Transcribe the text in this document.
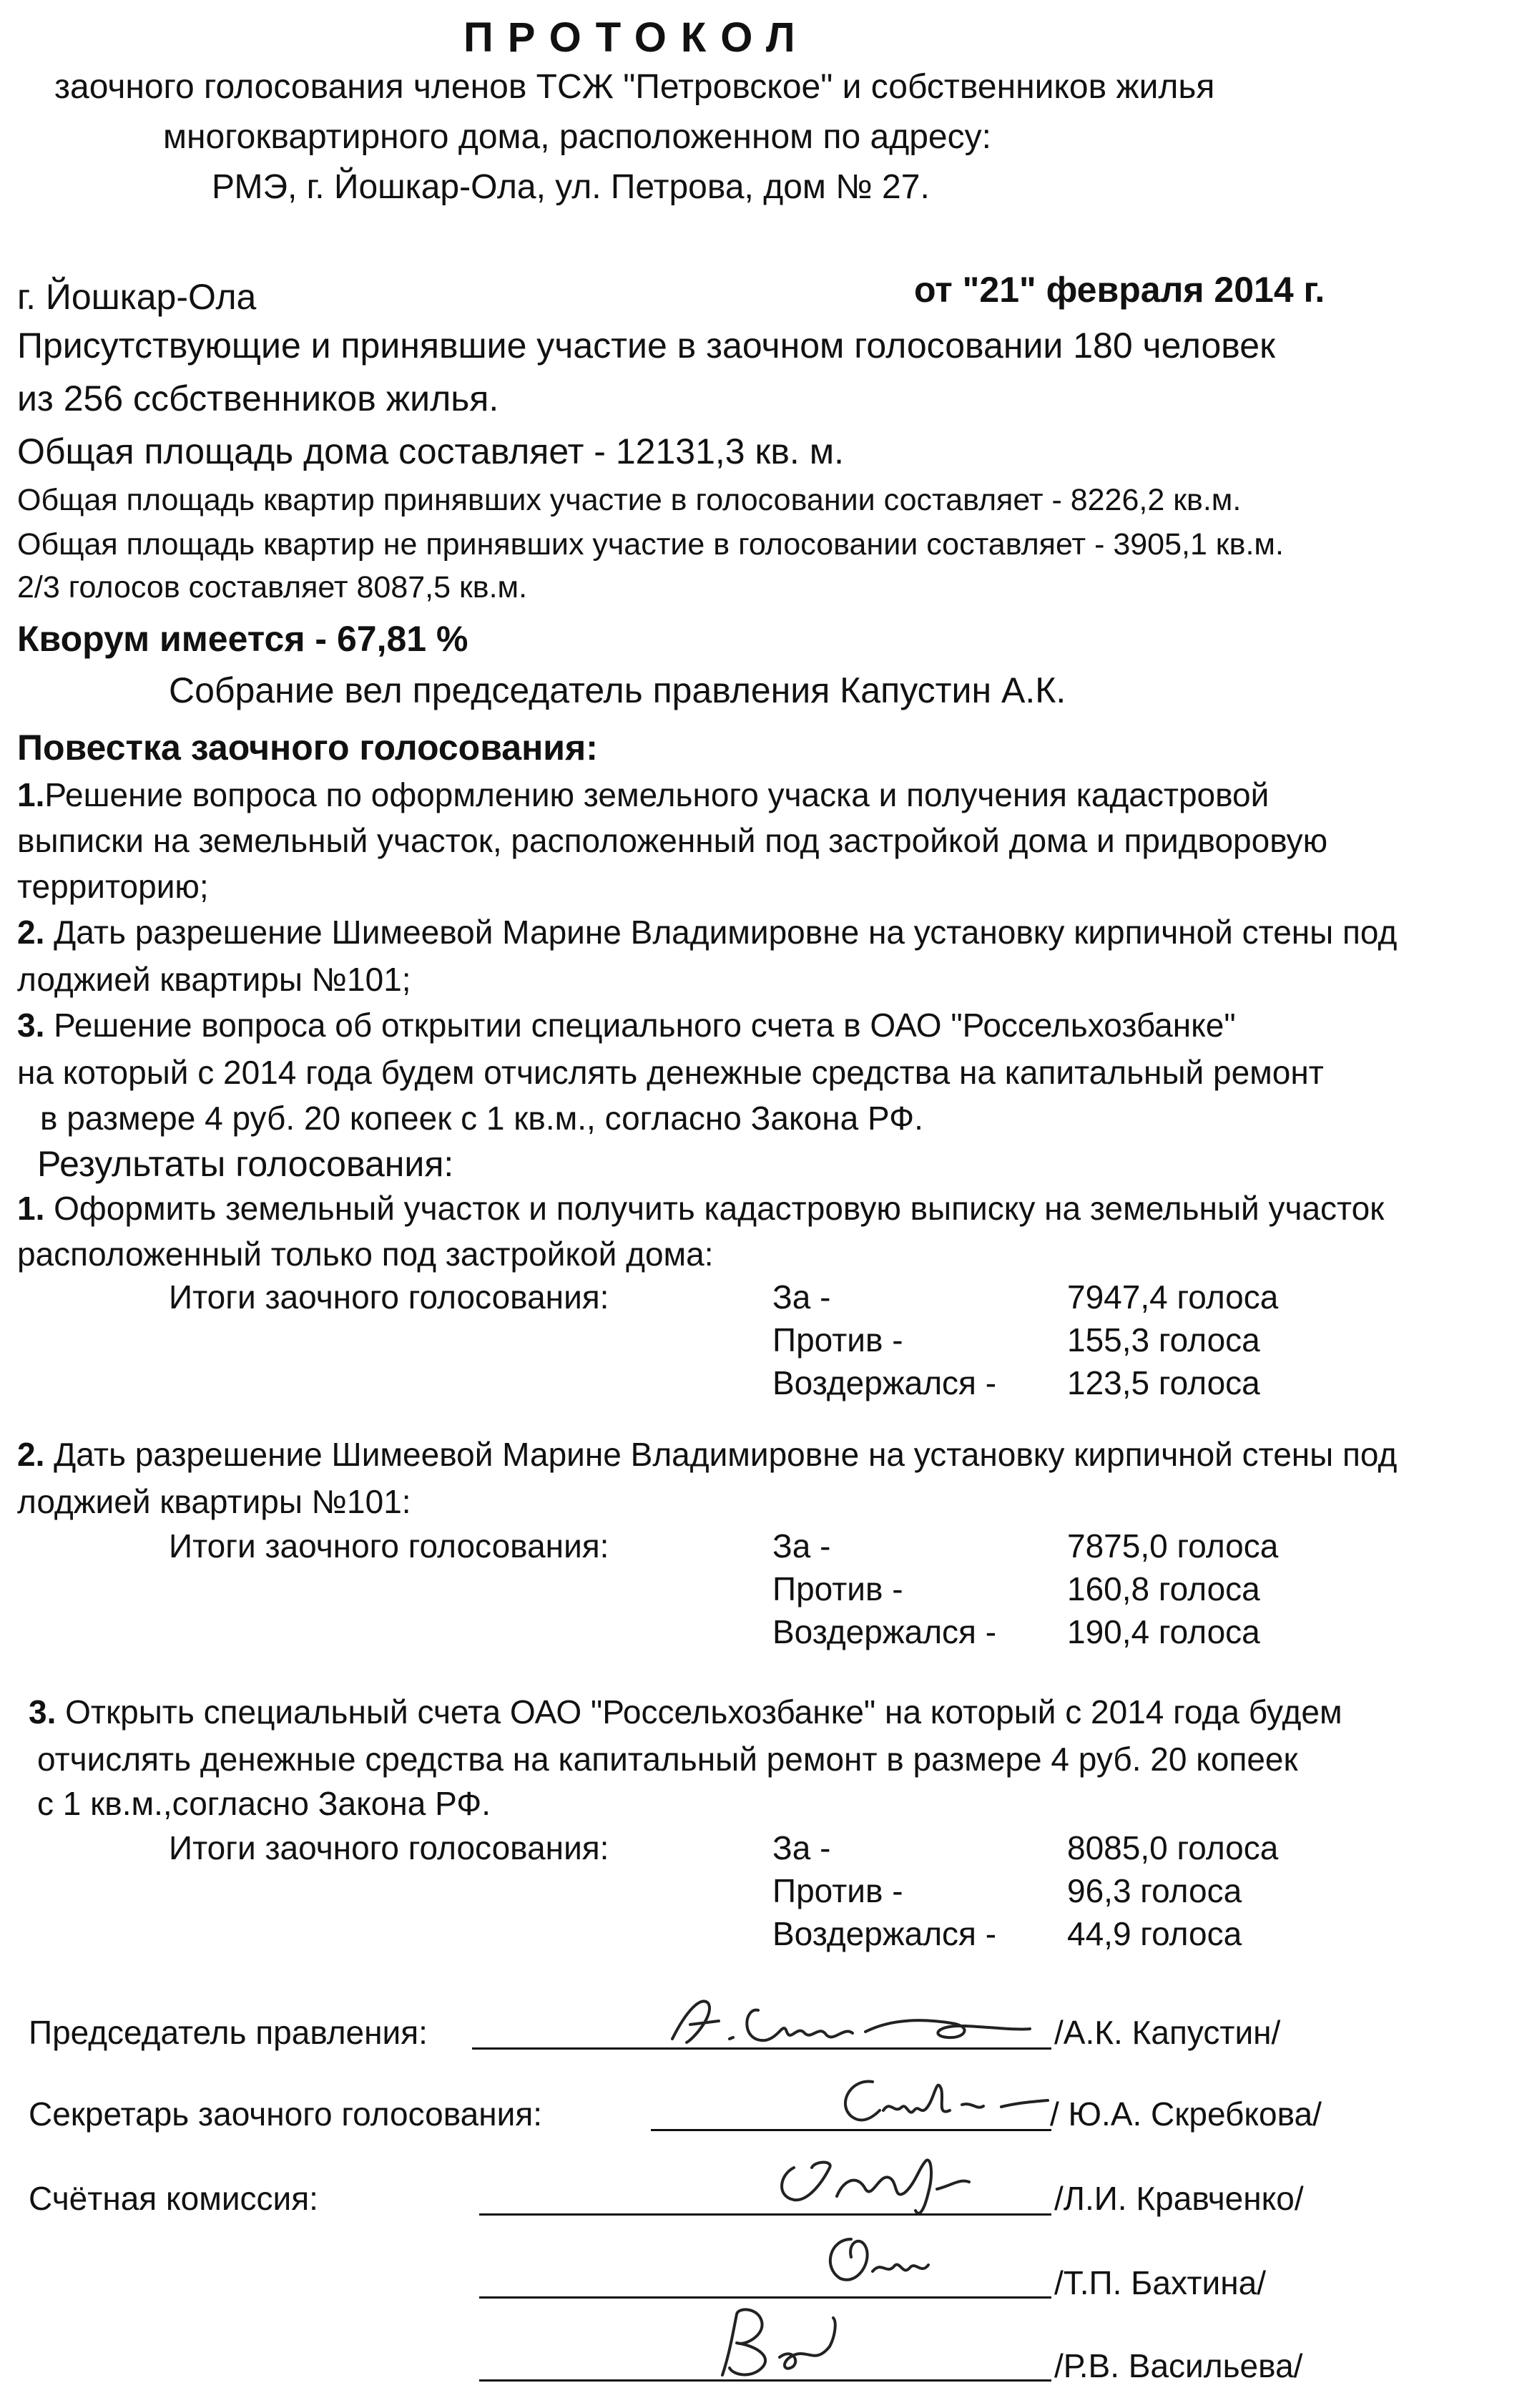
ПРОТОКОЛ
заочного голосования членов ТСЖ "Петровское" и собственников жилья
многоквартирного дома, расположенном по адресу:
РМЭ, г. Йошкар-Ола, ул. Петрова, дом № 27.
г. Йошкар-Ола	от "21" февраля 2014 г.
Присутствующие и принявшие участие в заочном голосовании 180 человек
из 256 ссбственников жилья.
Общая площадь дома составляет - 12131,3 кв. м.
Общая площадь квартир принявших участие в голосовании составляет - 8226,2 кв.м.
Общая площадь квартир не принявших участие в голосовании составляет - 3905,1 кв.м.
2/3 голосов составляет 8087,5 кв.м.
Кворум имеется - 67,81 %
Собрание вел председатель правления Капустин А.К.
Повестка заочного голосования:
1.Решение вопроса по оформлению земельного учаска и получения кадастровой
выписки на земельный участок, расположенный под застройкой дома и придворовую
территорию;
2. Дать разрешение Шимеевой Марине Владимировне на установку кирпичной стены под
лоджией квартиры №101;
3. Решение вопроса об открытии специального счета в ОАО "Россельхозбанке"
на который с 2014 года будем отчислять денежные средства на капитальный ремонт
в размере 4 руб. 20 копеек с 1 кв.м., согласно Закона РФ.
Результаты голосования:
1. Оформить земельный участок и получить кадастровую выписку на земельный участок
расположенный только под застройкой дома:
Итоги заочного голосования:	За -	7947,4 голоса
Против -	155,3 голоса
Воздержался - 123,5 голоса
2. Дать разрешение Шимеевой Марине Владимировне на установку кирпичной стены под
лоджией квартиры №101:
Итоги заочного голосования:	За -	7875,0 голоса
Против -	160,8 голоса
Воздержался - 190,4 голоса
3. Открыть специальный счета ОАО "Россельхозбанке" на который с 2014 года будем
отчислять денежные средства на капитальный ремонт в размере 4 руб. 20 копеек
с 1 кв.м.,согласно Закона РФ.
Итоги заочного голосования:	За -	8085,0 голоса
Против -	96,3 голоса
Воздержался - 44,9 голоса
Председатель правления:	/А.К. Капустин/
Секретарь заочного голосования:	/ Ю.А. Скребкова/
Счётная комиссия:	/Л.И. Кравченко/
/Т.П. Бахтина/
/Р.В. Васильева/
